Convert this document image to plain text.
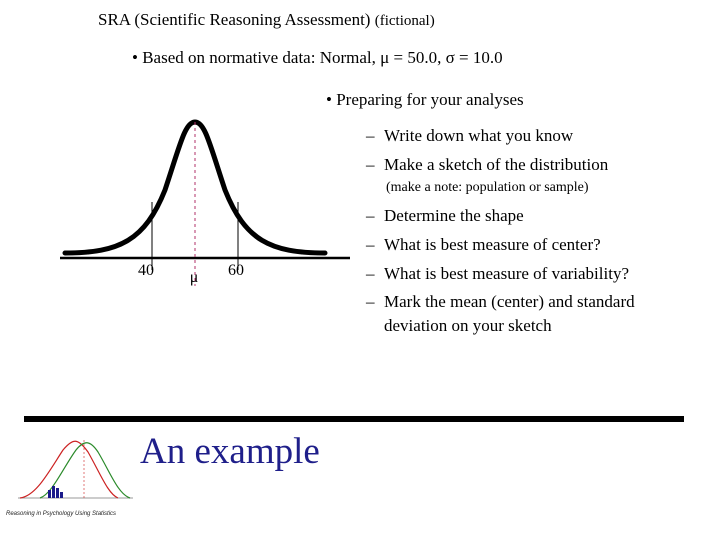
SRA (Scientific Reasoning Assessment) (fictional)
• Based on normative data: Normal, μ = 50.0, σ = 10.0
• Preparing for your analyses
– Write down what you know
– Make a sketch of the distribution
(make a note: population or sample)
– Determine the shape
– What is best measure of center?
– What is best measure of variability?
– Mark the mean (center) and standard
deviation on your sketch
40 μ 60
An example
Reasoning in Psychology Using Statistics
